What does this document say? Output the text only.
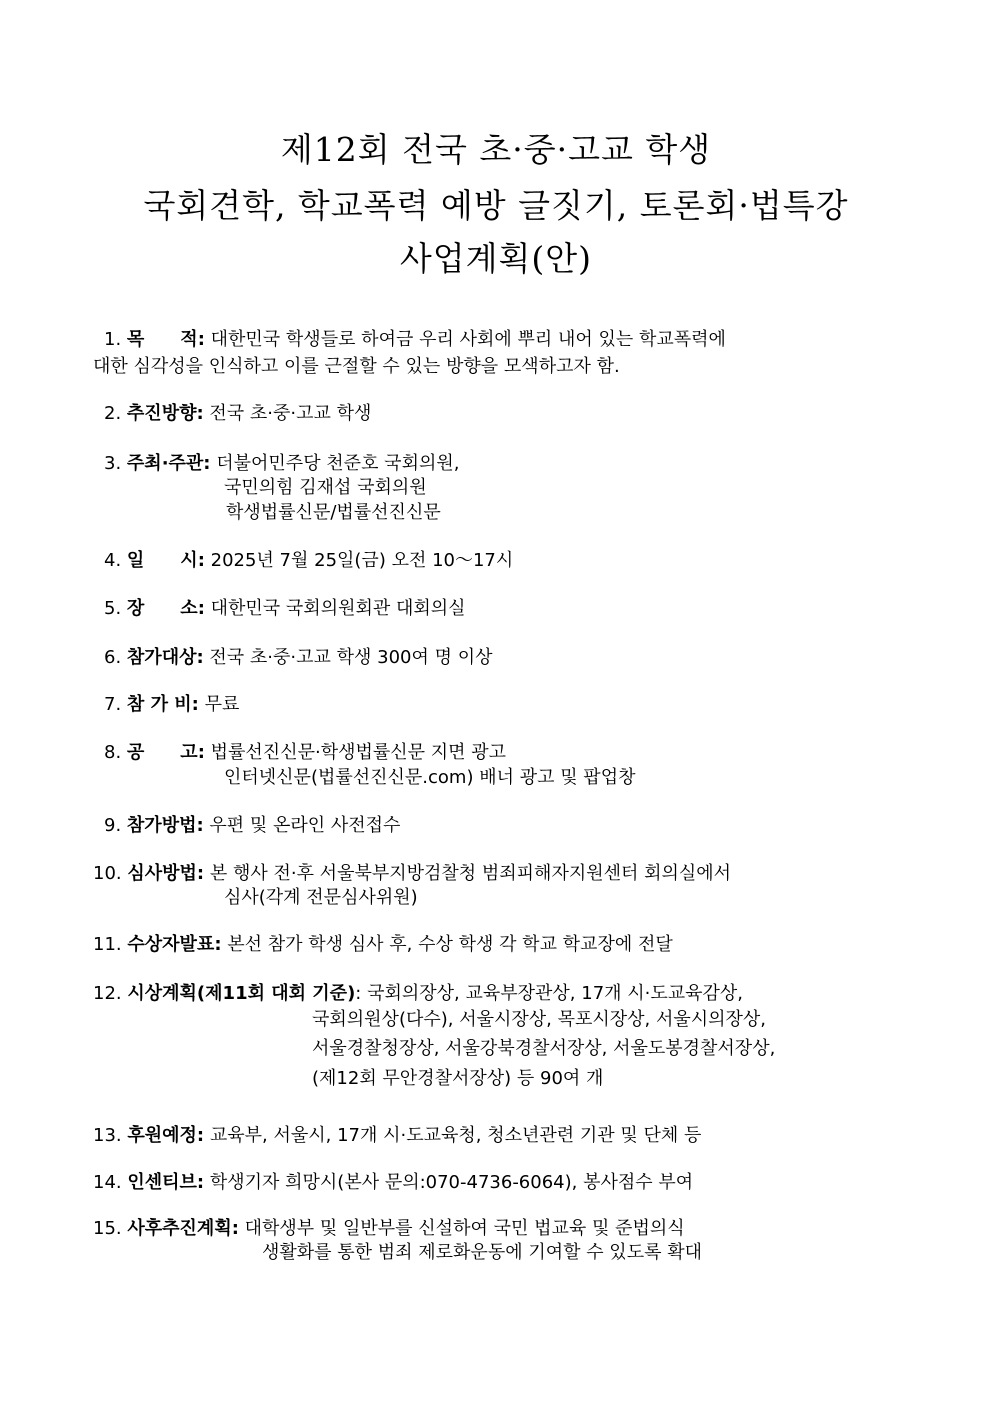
제12회 전국 초·중·고교 학생
국회견학, 학교폭력 예방 글짓기, 토론회·법특강
사업계획(안)
1. 목　　적: 대한민국 학생들로 하여금 우리 사회에 뿌리 내어 있는 학교폭력에
대한 심각성을 인식하고 이를 근절할 수 있는 방향을 모색하고자 함.
2. 추진방향: 전국 초·중·고교 학생
3. 주최·주관: 더불어민주당 천준호 국회의원,
국민의힘 김재섭 국회의원
학생법률신문/법률선진신문
4. 일　　시: 2025년 7월 25일(금) 오전 10～17시
5. 장　　소: 대한민국 국회의원회관 대회의실
6. 참가대상: 전국 초·중·고교 학생 300여 명 이상
7. 참 가 비: 무료
8. 공　　고: 법률선진신문·학생법률신문 지면 광고
인터넷신문(법률선진신문.com) 배너 광고 및 팝업창
9. 참가방법: 우편 및 온라인 사전접수
10. 심사방법: 본 행사 전·후 서울북부지방검찰청 범죄피해자지원센터 회의실에서
심사(각계 전문심사위원)
11. 수상자발표: 본선 참가 학생 심사 후, 수상 학생 각 학교 학교장에 전달
12. 시상계획(제11회 대회 기준): 국회의장상, 교육부장관상, 17개 시·도교육감상,
국회의원상(다수), 서울시장상, 목포시장상, 서울시의장상,
서울경찰청장상, 서울강북경찰서장상, 서울도봉경찰서장상,
(제12회 무안경찰서장상) 등 90여 개
13. 후원예정: 교육부, 서울시, 17개 시·도교육청, 청소년관련 기관 및 단체 등
14. 인센티브: 학생기자 희망시(본사 문의:070-4736-6064), 봉사점수 부여
15. 사후추진계획: 대학생부 및 일반부를 신설하여 국민 법교육 및 준법의식
생활화를 통한 범죄 제로화운동에 기여할 수 있도록 확대
